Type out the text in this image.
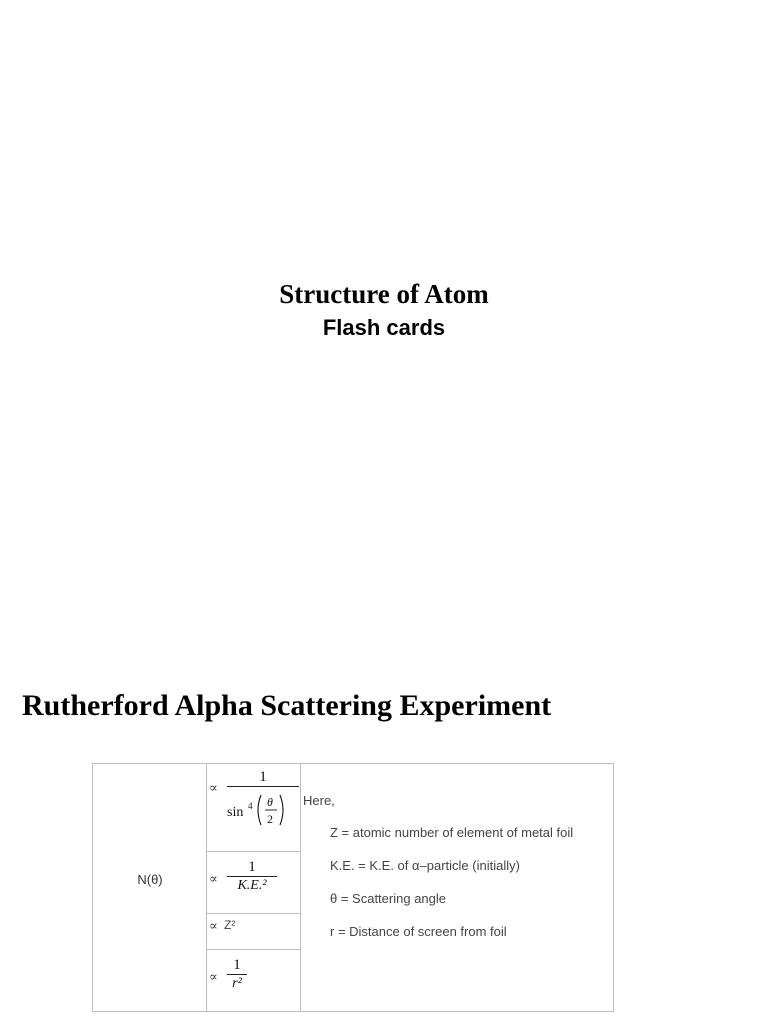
Structure of Atom
Flash cards
Rutherford Alpha Scattering Experiment
N(θ)
∝
1
sin 4 θ
2
∝
1
K.E.²
∝ Z²
∝
1
r²
Here,
Z = atomic number of element of metal foil
K.E. = K.E. of α–particle (initially)
θ = Scattering angle
r = Distance of screen from foil
